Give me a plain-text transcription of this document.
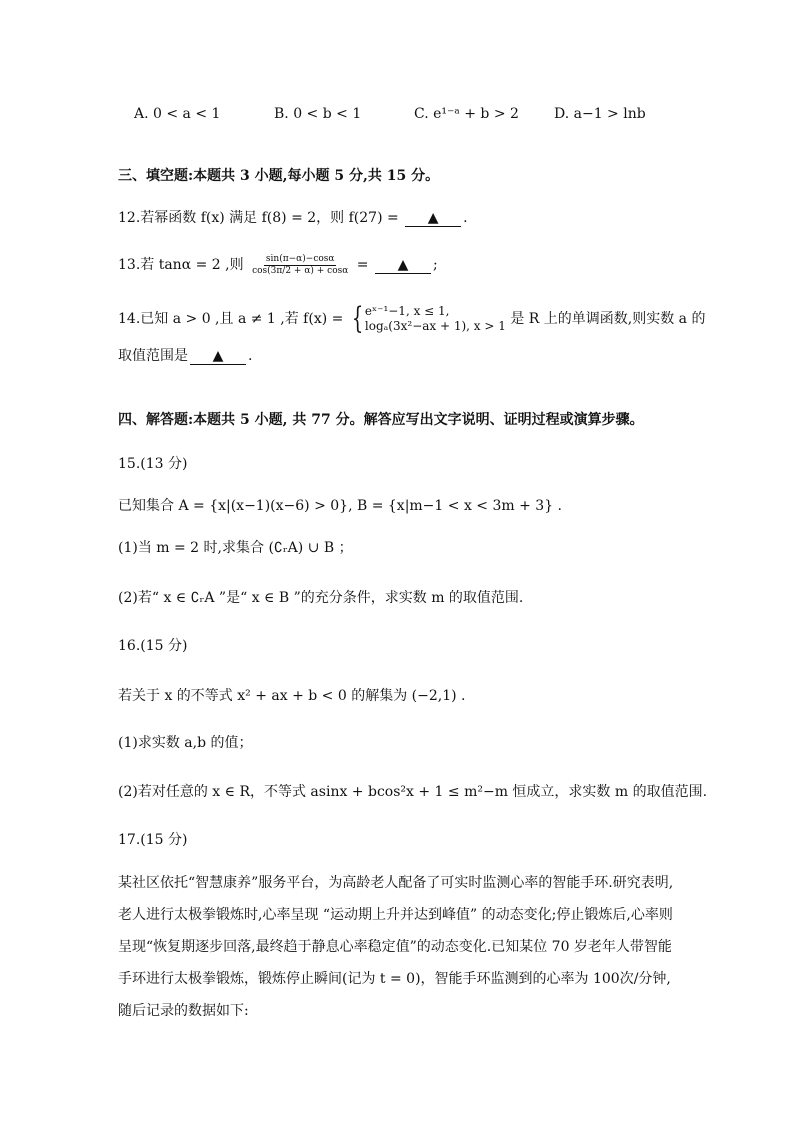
A. 0 < a < 1	B. 0 < b < 1	C. e¹⁻ᵃ + b > 2	D. a−1 > lnb
三、填空题:本题共 3 小题,每小题 5 分,共 15 分。
12.若幂函数 f(x) 满足 f(8) = 2，则 f(27) = ▲ .
13.若 tanα = 2 ,则 $\frac{\sin(\pi-\alpha)-\cos\alpha}{\cos(3\pi/2 + \alpha) + \cos\alpha}$ = ▲ ;
14.已知 a > 0 ,且 a ≠ 1 ,若 f(x) = { eˣ⁻¹−1, x ≤ 1,
logₐ(3x²−ax + 1), x > 1 是 R 上的单调函数,则实数 a 的
取值范围是 ▲ .
四、解答题:本题共 5 小题, 共 77 分。解答应写出文字说明、证明过程或演算步骤。
15.(13 分)
已知集合 A = {x|(x−1)(x−6) > 0}, B = {x|m−1 < x < 3m + 3} .
(1)当 m = 2 时,求集合 (∁ᵣA) ∪ B ；
(2)若“ x ∈ ∁ᵣA ”是“ x ∈ B ”的充分条件，求实数 m 的取值范围.
16.(15 分)
若关于 x 的不等式 x² + ax + b < 0 的解集为 (−2,1) .
(1)求实数 a,b 的值；
(2)若对任意的 x ∈ R，不等式 asinx + bcos²x + 1 ≤ m²−m 恒成立，求实数 m 的取值范围.
17.(15 分)
某社区依托“智慧康养”服务平台，为高龄老人配备了可实时监测心率的智能手环.研究表明,
老人进行太极拳锻炼时,心率呈现 “运动期上升并达到峰值” 的动态变化;停止锻炼后,心率则
呈现“恢复期逐步回落,最终趋于静息心率稳定值”的动态变化.已知某位 70 岁老年人带智能
手环进行太极拳锻炼，锻炼停止瞬间(记为 t = 0)，智能手环监测到的心率为 100次/分钟,
随后记录的数据如下:
